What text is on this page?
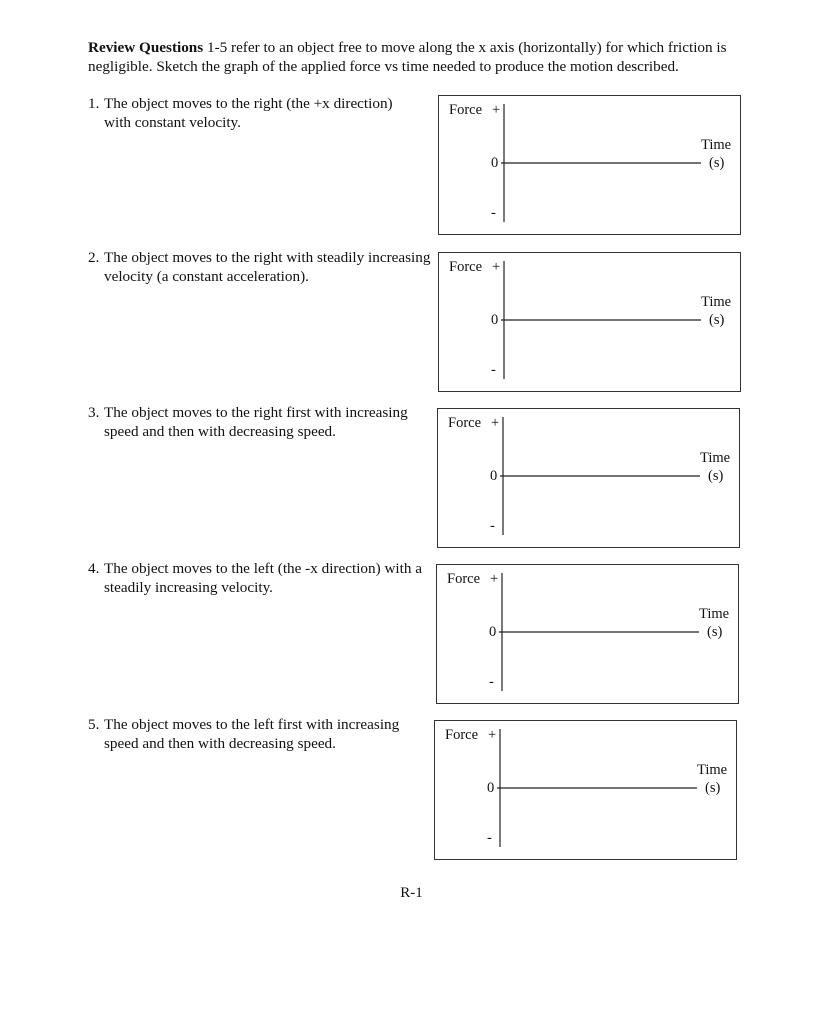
Review Questions 1-5 refer to an object free to move along the x axis (horizontally) for which friction is
negligible. Sketch the graph of the applied force vs time needed to produce the motion described.
1. The object moves to the right (the +x direction)
with constant velocity.
Force +
0
-
Time
(s)
2. The object moves to the right with steadily increasing
velocity (a constant acceleration).
Force +
0
-
Time
(s)
3. The object moves to the right first with increasing
speed and then with decreasing speed.	Force +
0
-
Time
(s)
4. The object moves to the left (the -x direction) with a
steadily increasing velocity.	Force +
0
-
Time
(s)
5. The object moves to the left first with increasing
speed and then with decreasing speed.	Force +
0
-
Time
(s)
R-1
